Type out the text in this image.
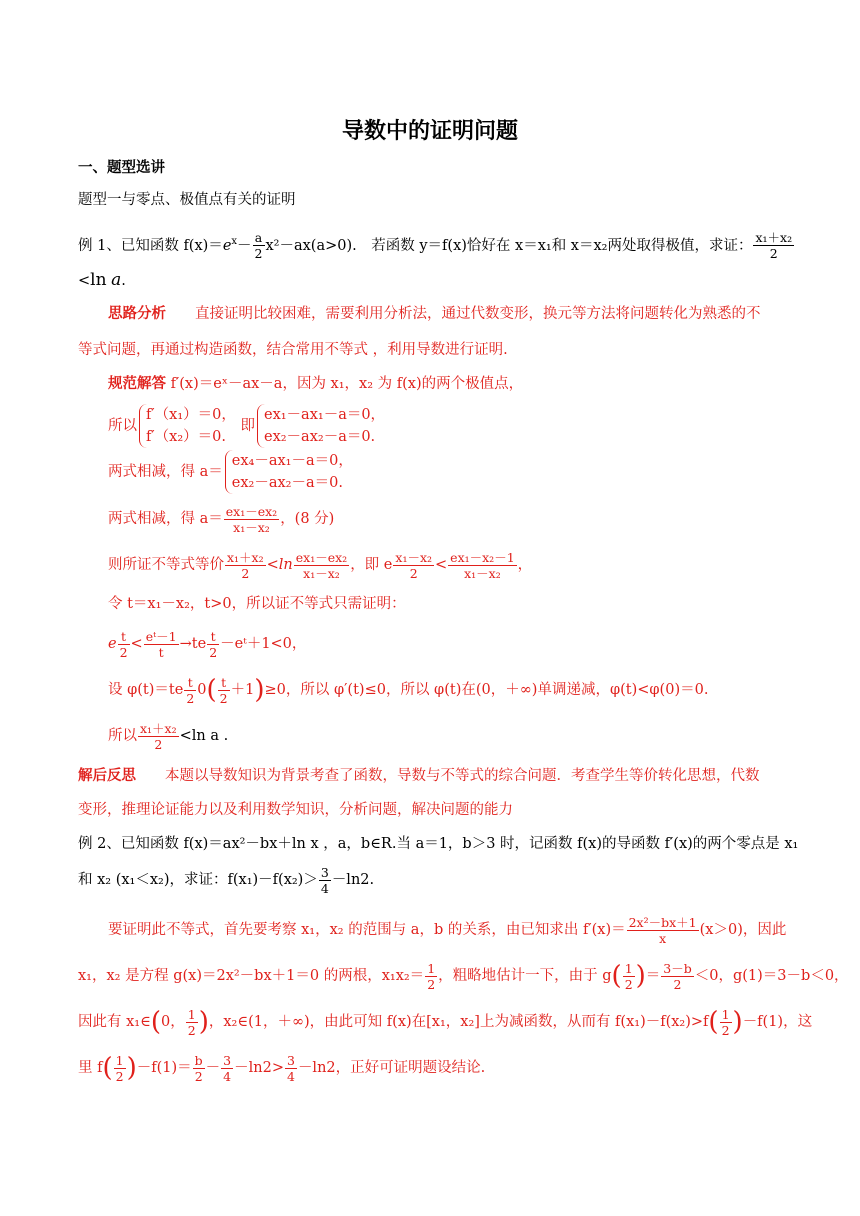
导数中的证明问题
一、题型选讲
题型一与零点、极值点有关的证明
例 1、已知函数 $f(x)=e^x- \frac{a}{2} x^2-ax(a>0)$.　若函数 y＝f(x)恰好在 x＝x₁和 x＝x₂两处取得极值，求证： $\frac{\text{x₁＋x₂}}{2}$
<ln a.
思路分析　　 直接证明比较困难，需要利用分析法，通过代数变形，换元等方法将问题转化为熟悉的不
等式问题，再通过构造函数，结合常用不等式 ，利用导数进行证明.
规范解答 f′(x)＝eˣ－ax－a，因为 x₁，x₂ 为 f(x)的两个极值点，
所以
f′（x₁）＝0，
f′（x₂）＝0.
即
ex₁－ax₁－a＝0，
ex₂－ax₂－a＝0.
两式相减，得 a＝
ex₄－ax₁－a＝0，
ex₂－ax₂－a＝0.
两式相减，得 $a= \frac{\text{ex₁－ex₂}}{\text{x₁－x₂}}$ ，(8 分)
则所证不等式等价 $\frac{\text{x₁＋x₂}}{2} <\ln \frac{\text{ex₁－ex₂}}{\text{x₁－x₂}}$ ，即 e $\frac{\text{x₁－x₂}}{2} < \frac{\text{ex₁－x₂－1}}{\text{x₁－x₂}}$ ，
令 t＝x₁－x₂，t>0，所以证不等式只需证明：
e $\frac{t}{2} < \frac{\text{eᵗ－1}}{t} \to te \frac{t}{2}$ －eᵗ＋1<0，
设 $\varphi(t)=te \frac{t}{2} 0( \frac{t}{2} +1)\ge 0$，所以 φ′(t)≤0，所以 φ(t)在(0，＋∞)单调递减，φ(t)<φ(0)＝0.
所以 $\frac{\text{x₁＋x₂}}{2} <\ln$ a .
解后反思　　 本题以导数知识为背景考查了函数，导数与不等式的综合问题．考查学生等价转化思想，代数
变形，推理论证能力以及利用数学知识，分析问题，解决问题的能力
例 2、已知函数 f(x)＝ax²－bx＋ln x ，a，b∈R.当 a＝1，b＞3 时，记函数 f(x)的导函数 f′(x)的两个零点是 x₁
和 x₂ (x₁＜x₂)，求证：$f(x_1)-f(x_2)> \frac{3}{4} -\ln 2$.
要证明此不等式，首先要考察 x₁，x₂ 的范围与 a，b 的关系，由已知求出 $f'(x)= \frac{\text{2x²－bx＋1}}{x} (x>0)$，因此
x₁，x₂ 是方程 g(x)＝2x²－bx＋1＝0 的两根，$x_1x_2= \frac{1}{2}$ ，粗略地估计一下，由于 $g( \frac{1}{2}$ )＝ $\frac{3-b}{2} <0$，g(1)＝3－b＜0，
因此有 x₁∈(0， $\frac{1}{2}$ )，x₂∈(1，＋∞)，由此可知 f(x)在[x₁，x₂]上为减函数，从而有 $f(x_1)-f(x_2)>f( \frac{1}{2} )-f(1)$，这
里 $f( \frac{1}{2} )-f(1)= \frac{b}{2} - \frac{3}{4} -\ln 2> \frac{3}{4} -\ln 2$，正好可证明题设结论.
